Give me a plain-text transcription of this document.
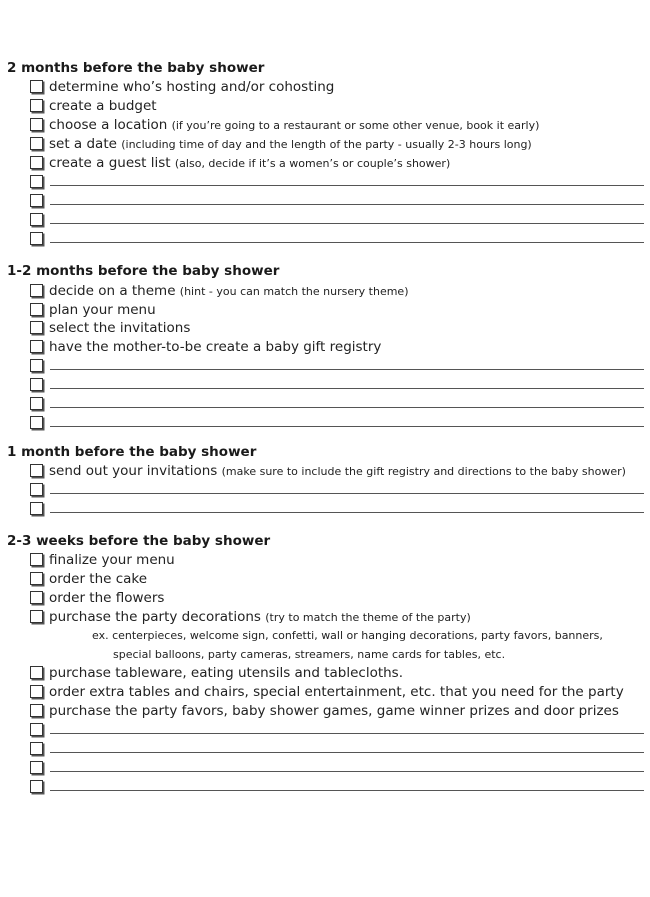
2 months before the baby shower
determine who’s hosting and/or cohosting
create a budget
choose a location (if you’re going to a restaurant or some other venue, book it early)
set a date (including time of day and the length of the party - usually 2-3 hours long)
create a guest list (also, decide if it’s a women’s or couple’s shower)
1-2 months before the baby shower
decide on a theme (hint - you can match the nursery theme)
plan your menu
select the invitations
have the mother-to-be create a baby gift registry
1 month before the baby shower
send out your invitations (make sure to include the gift registry and directions to the baby shower)
2-3 weeks before the baby shower
finalize your menu
order the cake
order the flowers
purchase the party decorations (try to match the theme of the party)
ex. centerpieces, welcome sign, confetti, wall or hanging decorations, party favors, banners,
special balloons, party cameras, streamers, name cards for tables, etc.
purchase tableware, eating utensils and tablecloths.
order extra tables and chairs, special entertainment, etc. that you need for the party
purchase the party favors, baby shower games, game winner prizes and door prizes
